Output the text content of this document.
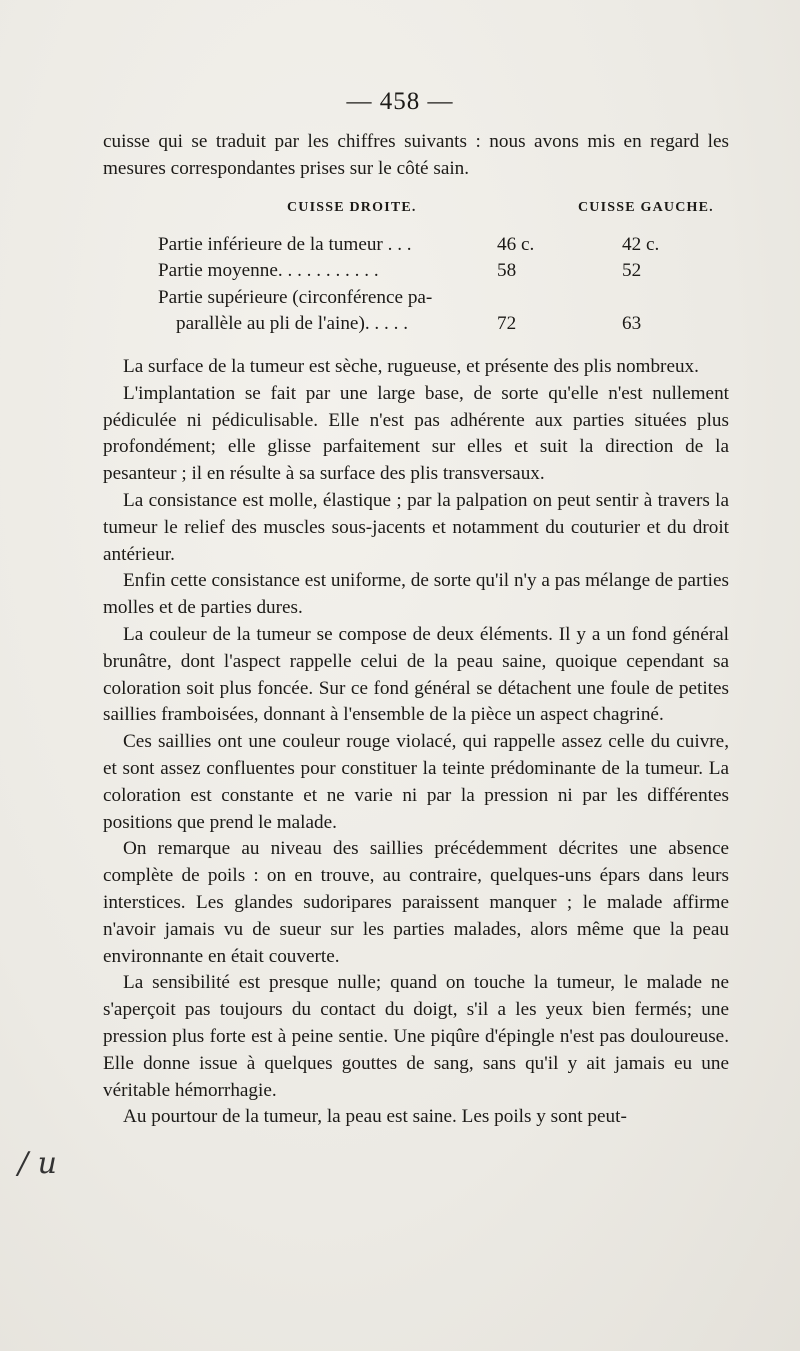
— 458 —

cuisse qui se traduit par les chiffres suivants : nous avons mis en regard les mesures correspondantes prises sur le côté sain.

CUISSE DROITE.	CUISSE GAUCHE.
Partie inférieure de la tumeur . . .	46 c.	42 c.
Partie moyenne. . . . . . . . . . .	58	52
Partie supérieure (circonférence pa-
parallèle au pli de l'aine). . . . .	72	63

La surface de la tumeur est sèche, rugueuse, et présente des plis nombreux.

L'implantation se fait par une large base, de sorte qu'elle n'est nullement pédiculée ni pédiculisable. Elle n'est pas adhérente aux parties situées plus profondément; elle glisse parfaitement sur elles et suit la direction de la pesanteur ; il en résulte à sa surface des plis transversaux.

La consistance est molle, élastique ; par la palpation on peut sentir à travers la tumeur le relief des muscles sous-jacents et notamment du couturier et du droit antérieur.

Enfin cette consistance est uniforme, de sorte qu'il n'y a pas mélange de parties molles et de parties dures.

La couleur de la tumeur se compose de deux éléments. Il y a un fond général brunâtre, dont l'aspect rappelle celui de la peau saine, quoique cependant sa coloration soit plus foncée. Sur ce fond général se détachent une foule de petites saillies framboisées, donnant à l'ensemble de la pièce un aspect chagriné.

Ces saillies ont une couleur rouge violacé, qui rappelle assez celle du cuivre, et sont assez confluentes pour constituer la teinte prédominante de la tumeur. La coloration est constante et ne varie ni par la pression ni par les différentes positions que prend le malade.

On remarque au niveau des saillies précédemment décrites une absence complète de poils : on en trouve, au contraire, quelques-uns épars dans leurs interstices. Les glandes sudoripares paraissent manquer ; le malade affirme n'avoir jamais vu de sueur sur les parties malades, alors même que la peau environnante en était couverte.

La sensibilité est presque nulle; quand on touche la tumeur, le malade ne s'aperçoit pas toujours du contact du doigt, s'il a les yeux bien fermés; une pression plus forte est à peine sentie. Une piqûre d'épingle n'est pas douloureuse. Elle donne issue à quelques gouttes de sang, sans qu'il y ait jamais eu une véritable hémorrhagie.

Au pourtour de la tumeur, la peau est saine. Les poils y sont peut-

/ u
